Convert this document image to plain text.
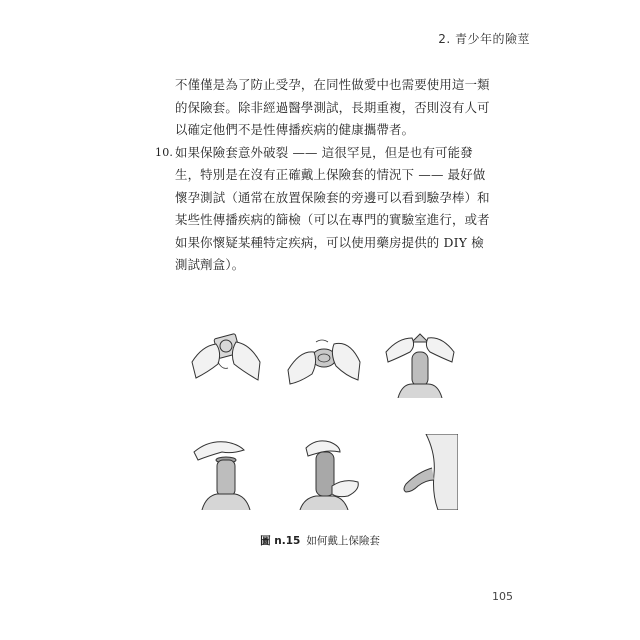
2. 青少年的險莖

不僅僅是為了防止受孕，在同性做愛中也需要使用這一類的保險套。除非經過醫學測試，長期重複，否則沒有人可以確定他們不是性傳播疾病的健康攜帶者。

10. 如果保險套意外破裂 —— 這很罕見，但是也有可能發生，特別是在沒有正確戴上保險套的情況下 —— 最好做懷孕測試（通常在放置保險套的旁邊可以看到驗孕棒）和某些性傳播疾病的篩檢（可以在專門的實驗室進行，或者如果你懷疑某種特定疾病，可以使用藥房提供的 DIY 檢測試劑盒）。

圖 n.15 如何戴上保險套
105
